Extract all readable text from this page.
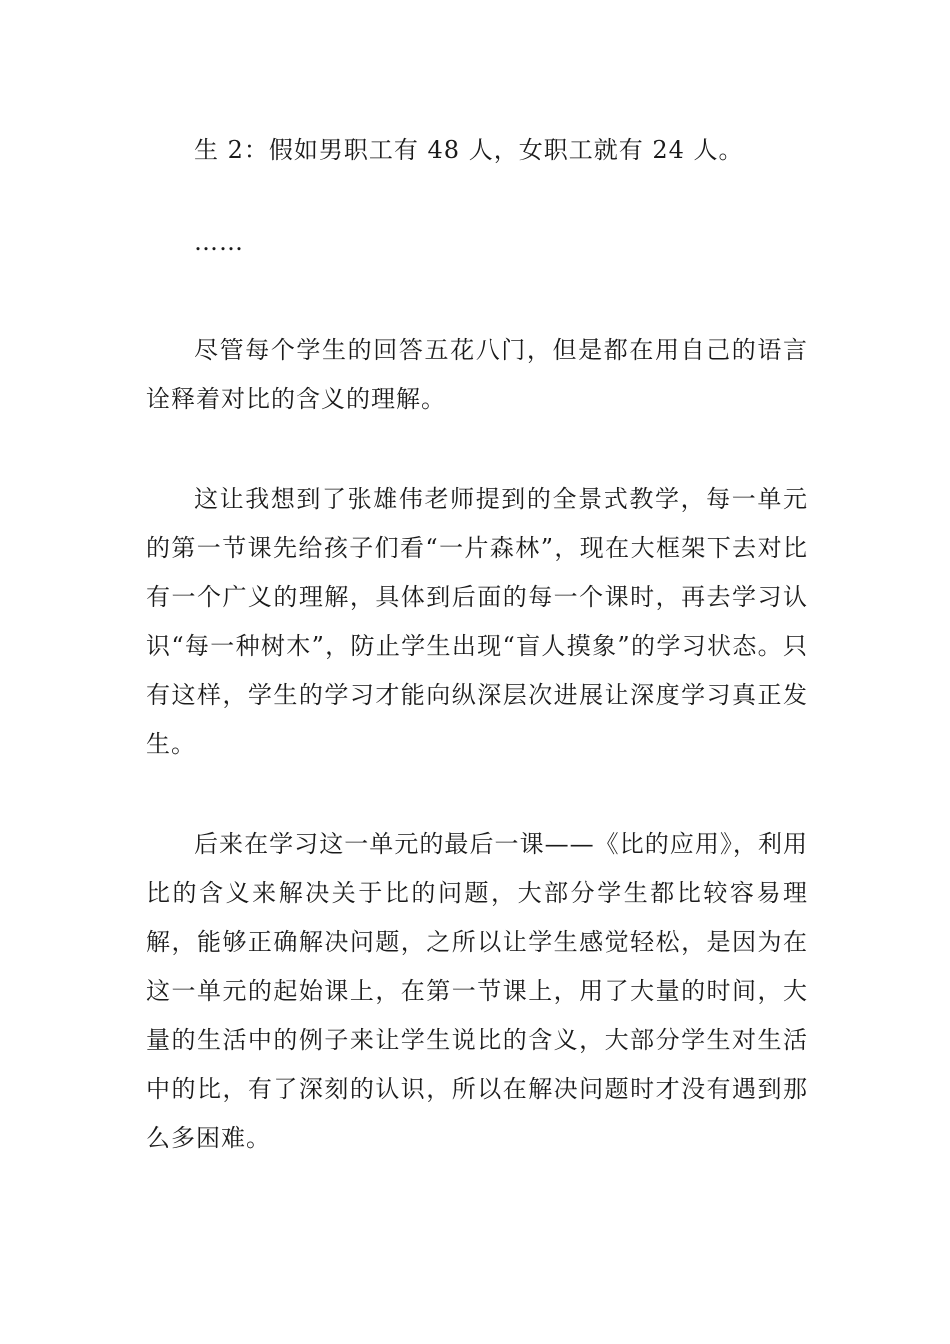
生 2：假如男职工有 48 人，女职工就有 24 人。

……

尽管每个学生的回答五花八门，但是都在用自己的语言诠释着对比的含义的理解。

这让我想到了张雄伟老师提到的全景式教学，每一单元的第一节课先给孩子们看“一片森林”，现在大框架下去对比有一个广义的理解，具体到后面的每一个课时，再去学习认识“每一种树木”，防止学生出现“盲人摸象”的学习状态。只有这样，学生的学习才能向纵深层次进展让深度学习真正发生。

后来在学习这一单元的最后一课——《比的应用》，利用比的含义来解决关于比的问题，大部分学生都比较容易理解，能够正确解决问题，之所以让学生感觉轻松，是因为在这一单元的起始课上，在第一节课上，用了大量的时间，大量的生活中的例子来让学生说比的含义，大部分学生对生活中的比，有了深刻的认识，所以在解决问题时才没有遇到那么多困难。
